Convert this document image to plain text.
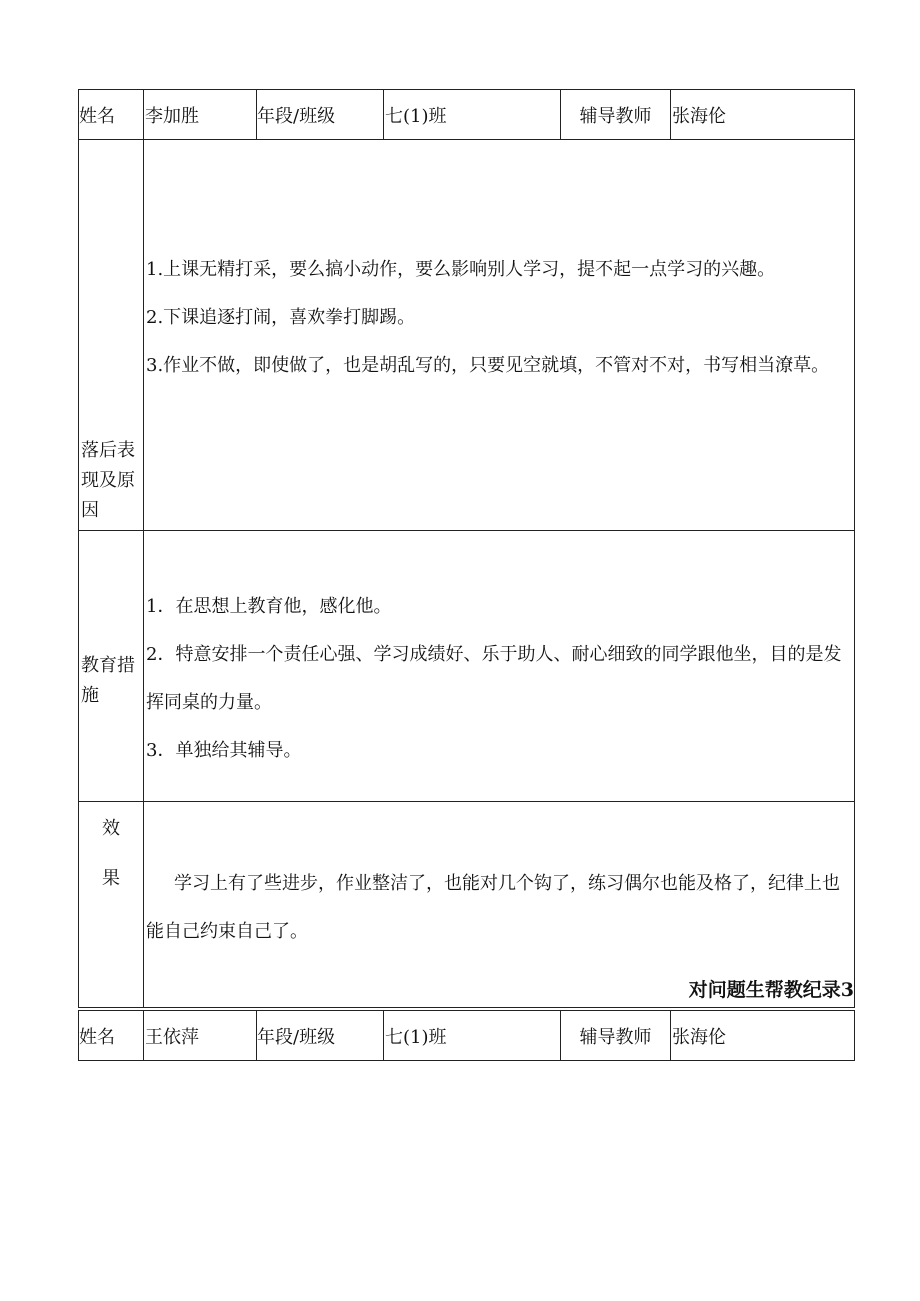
姓名	李加胜	年段/班级	七(1)班	辅导教师	张海伦
落后表现及原因	1.上课无精打采，要么搞小动作，要么影响别人学习，提不起一点学习的兴趣。

2.下课追逐打闹，喜欢拳打脚踢。

3.作业不做，即使做了，也是胡乱写的，只要见空就填，不管对不对，书写相当潦草。				

教育措施	1．在思想上教育他，感化他。

2．特意安排一个责任心强、学习成绩好、乐于助人、耐心细致的同学跟他坐，目的是发挥同桌的力量。

3．单独给其辅导。				

效果	学习上有了些进步，作业整洁了，也能对几个钩了，练习偶尔也能及格了，纪律上也能自己约束自己了。				

对问题生帮教纪录3
姓名	王依萍	年段/班级	七(1)班	辅导教师	张海伦
